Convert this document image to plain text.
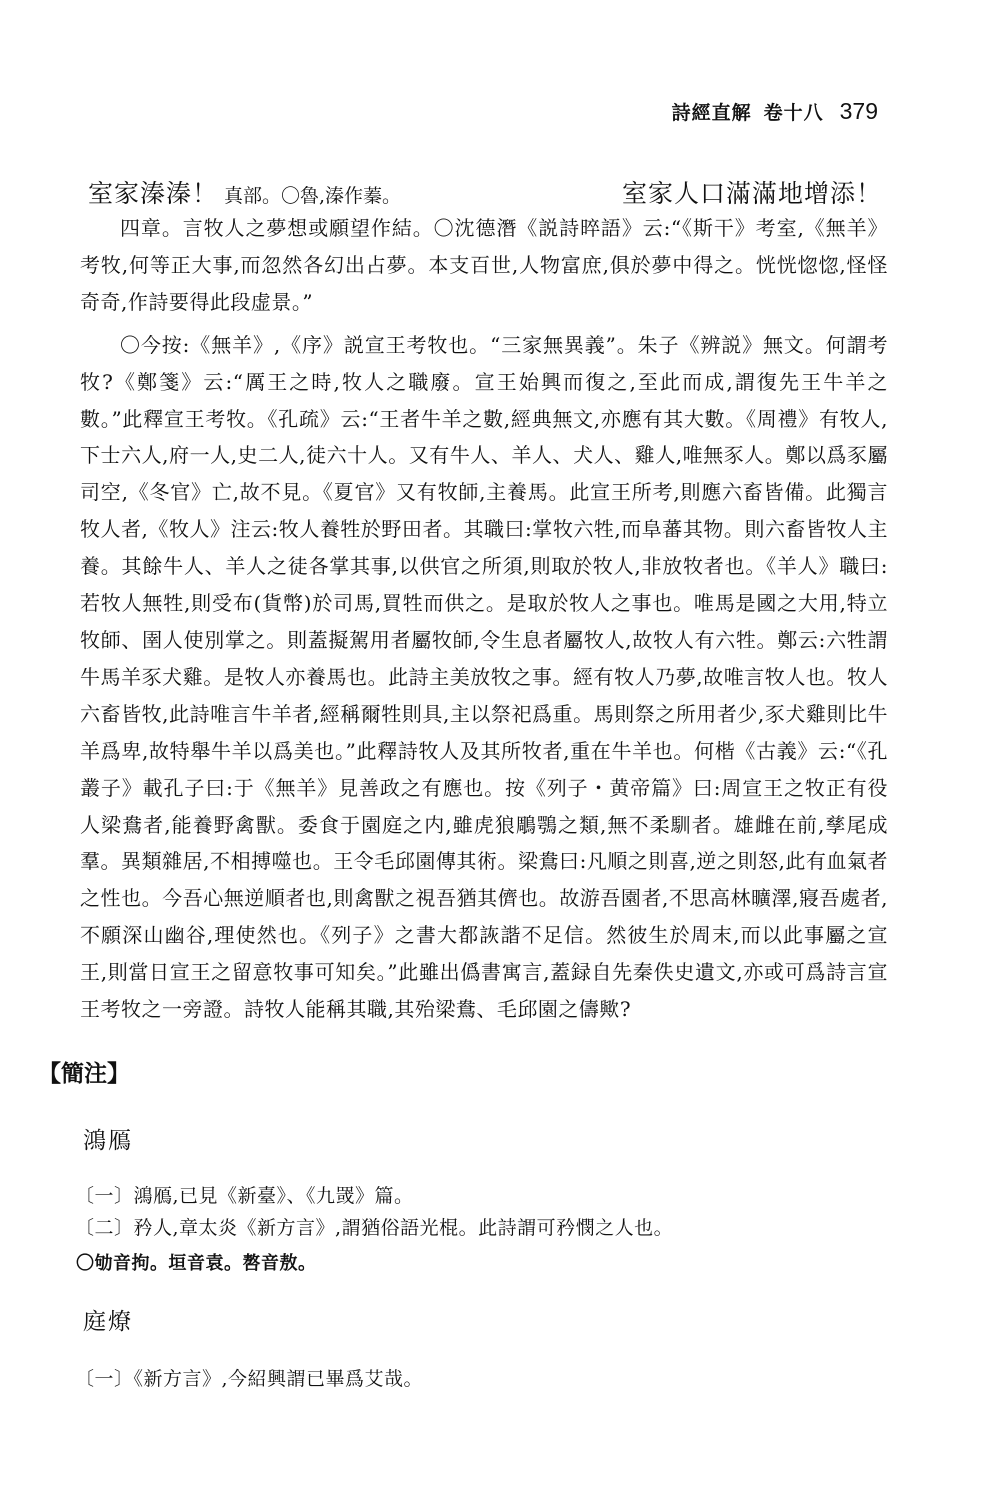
詩經直解 卷十八 379
室家溱溱！ 真部。〇魯,溱作蓁。	室家人口滿滿地增添！

四章。言牧人之夢想或願望作結。〇沈德潛《説詩晬語》云:“《斯干》考室,《無羊》考牧,何等正大事,而忽然各幻出占夢。本支百世,人物富庶,俱於夢中得之。恍恍惚惚,怪怪奇奇,作詩要得此段虚景。”

〇今按:《無羊》,《序》説宣王考牧也。“三家無異義”。朱子《辨説》無文。何謂考牧?《鄭箋》云:“厲王之時,牧人之職廢。宣王始興而復之,至此而成,謂復先王牛羊之數。”此釋宣王考牧。《孔疏》云:“王者牛羊之數,經典無文,亦應有其大數。《周禮》有牧人,下士六人,府一人,史二人,徒六十人。又有牛人、羊人、犬人、雞人,唯無豕人。鄭以爲豕屬司空,《冬官》亡,故不見。《夏官》又有牧師,主養馬。此宣王所考,則應六畜皆備。此獨言牧人者,《牧人》注云:牧人養牲於野田者。其職曰:掌牧六牲,而阜蕃其物。則六畜皆牧人主養。其餘牛人、羊人之徒各掌其事,以供官之所須,則取於牧人,非放牧者也。《羊人》職曰:若牧人無牲,則受布(貨幣)於司馬,買牲而供之。是取於牧人之事也。唯馬是國之大用,特立牧師、圉人使別掌之。則蓋擬駕用者屬牧師,令生息者屬牧人,故牧人有六牲。鄭云:六牲謂牛馬羊豕犬雞。是牧人亦養馬也。此詩主美放牧之事。經有牧人乃夢,故唯言牧人也。牧人六畜皆牧,此詩唯言牛羊者,經稱爾牲則具,主以祭祀爲重。馬則祭之所用者少,豕犬雞則比牛羊爲卑,故特舉牛羊以爲美也。”此釋詩牧人及其所牧者,重在牛羊也。何楷《古義》云:“《孔叢子》載孔子曰:于《無羊》見善政之有應也。按《列子・黄帝篇》曰:周宣王之牧正有役人梁鴦者,能養野禽獸。委食于園庭之内,雖虎狼鵰鶚之類,無不柔馴者。雄雌在前,孳尾成羣。異類雜居,不相搏噬也。王令毛邱園傳其術。梁鴦曰:凡順之則喜,逆之則怒,此有血氣者之性也。今吾心無逆順者也,則禽獸之視吾猶其儕也。故游吾園者,不思高林曠澤,寢吾處者,不願深山幽谷,理使然也。《列子》之書大都詼諧不足信。然彼生於周末,而以此事屬之宣王,則當日宣王之留意牧事可知矣。”此雖出僞書寓言,蓋録自先秦佚史遺文,亦或可爲詩言宣王考牧之一旁證。詩牧人能稱其職,其殆梁鴦、毛邱園之儔歟?

【簡注】
鴻鴈
〔一〕鴻鴈,已見《新臺》、《九罭》篇。
〔二〕矜人,章太炎《新方言》,謂猶俗語光棍。此詩謂可矜憫之人也。
〇劬音拘。垣音袁。嗸音敖。
庭燎
〔一〕《新方言》,今紹興謂已畢爲艾哉。
